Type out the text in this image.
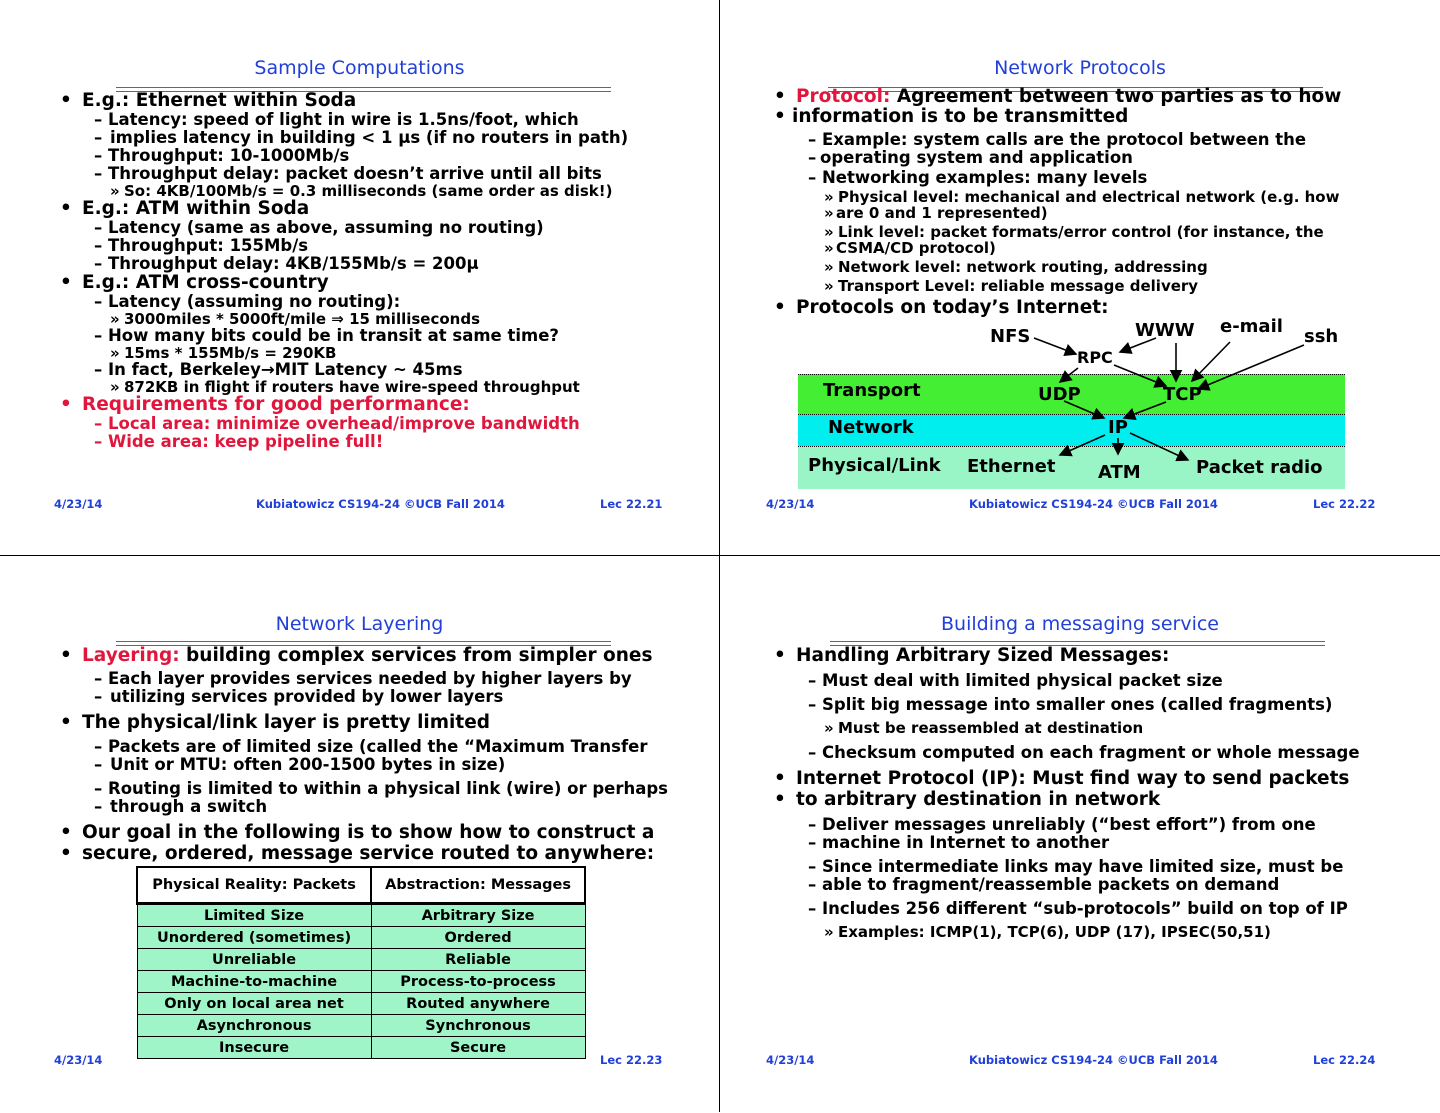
Sample Computations
• E.g.: Ethernet within Soda
– Latency: speed of light in wire is 1.5ns/foot, which
– implies latency in building < 1 µs (if no routers in path)
– Throughput: 10-1000Mb/s
– Throughput delay: packet doesn’t arrive until all bits
» So: 4KB/100Mb/s = 0.3 milliseconds (same order as disk!)
• E.g.: ATM within Soda
– Latency (same as above, assuming no routing)
– Throughput: 155Mb/s
– Throughput delay: 4KB/155Mb/s = 200µ
• E.g.: ATM cross-country
– Latency (assuming no routing):
» 3000miles * 5000ft/mile ⇒ 15 milliseconds
– How many bits could be in transit at same time?
» 15ms * 155Mb/s = 290KB
– In fact, Berkeley→MIT Latency ~ 45ms
» 872KB in flight if routers have wire-speed throughput
• Requirements for good performance:
– Local area: minimize overhead/improve bandwidth
– Wide area: keep pipeline full!
4/23/14	Kubiatowicz CS194-24 ©UCB Fall 2014	Lec 22.21
Network Protocols
• Protocol: Agreement between two parties as to how
• information is to be transmitted
– Example: system calls are the protocol between the
– operating system and application
– Networking examples: many levels
» Physical level: mechanical and electrical network (e.g. how
» are 0 and 1 represented)
» Link level: packet formats/error control (for instance, the
» CSMA/CD protocol)
» Network level: network routing, addressing
» Transport Level: reliable message delivery
• Protocols on today’s Internet:
Transport
Network
Physical/Link
NFS	WWW e-mail ssh
RPC
UDP	TCP
IP
Ethernet ATM	Packet radio
4/23/14	Kubiatowicz CS194-24 ©UCB Fall 2014	Lec 22.22
Network Layering
• Layering: building complex services from simpler ones
– Each layer provides services needed by higher layers by
– utilizing services provided by lower layers
• The physical/link layer is pretty limited
– Packets are of limited size (called the “Maximum Transfer
– Unit or MTU: often 200-1500 bytes in size)
– Routing is limited to within a physical link (wire) or perhaps
– through a switch
• Our goal in the following is to show how to construct a
• secure, ordered, message service routed to anywhere:
Physical Reality: Packets	Abstraction: Messages
Limited Size	Arbitrary Size
Unordered (sometimes)	Ordered
Unreliable	Reliable
Machine-to-machine	Process-to-process
Only on local area net	Routed anywhere
Asynchronous	Synchronous
Insecure	Secure
4/23/14	Lec 22.23
Building a messaging service
• Handling Arbitrary Sized Messages:
– Must deal with limited physical packet size
– Split big message into smaller ones (called fragments)
» Must be reassembled at destination
– Checksum computed on each fragment or whole message
• Internet Protocol (IP): Must find way to send packets
• to arbitrary destination in network
– Deliver messages unreliably (“best effort”) from one
– machine in Internet to another
– Since intermediate links may have limited size, must be
– able to fragment/reassemble packets on demand
– Includes 256 different “sub-protocols” build on top of IP
» Examples: ICMP(1), TCP(6), UDP (17), IPSEC(50,51)
4/23/14	Kubiatowicz CS194-24 ©UCB Fall 2014	Lec 22.24
